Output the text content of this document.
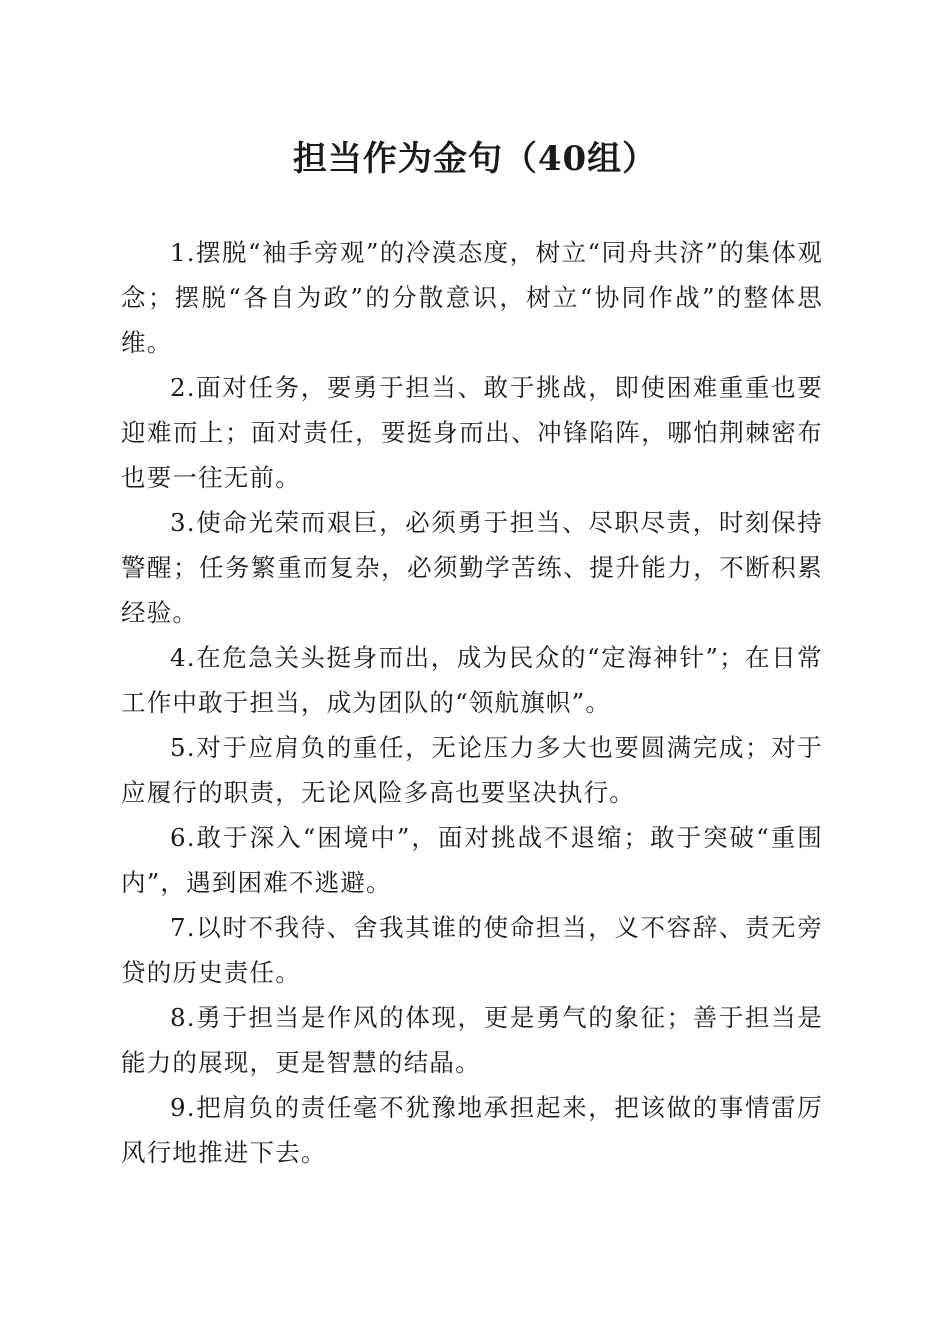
担当作为金句（40组）

1.摆脱“袖手旁观”的冷漠态度，树立“同舟共济”的集体观念；摆脱“各自为政”的分散意识，树立“协同作战”的整体思维。

2.面对任务，要勇于担当、敢于挑战，即使困难重重也要迎难而上；面对责任，要挺身而出、冲锋陷阵，哪怕荆棘密布也要一往无前。

3.使命光荣而艰巨，必须勇于担当、尽职尽责，时刻保持警醒；任务繁重而复杂，必须勤学苦练、提升能力，不断积累经验。

4.在危急关头挺身而出，成为民众的“定海神针”；在日常工作中敢于担当，成为团队的“领航旗帜”。

5.对于应肩负的重任，无论压力多大也要圆满完成；对于应履行的职责，无论风险多高也要坚决执行。

6.敢于深入“困境中”，面对挑战不退缩；敢于突破“重围内”，遇到困难不逃避。

7.以时不我待、舍我其谁的使命担当，义不容辞、责无旁贷的历史责任。

8.勇于担当是作风的体现，更是勇气的象征；善于担当是能力的展现，更是智慧的结晶。

9.把肩负的责任毫不犹豫地承担起来，把该做的事情雷厉风行地推进下去。
